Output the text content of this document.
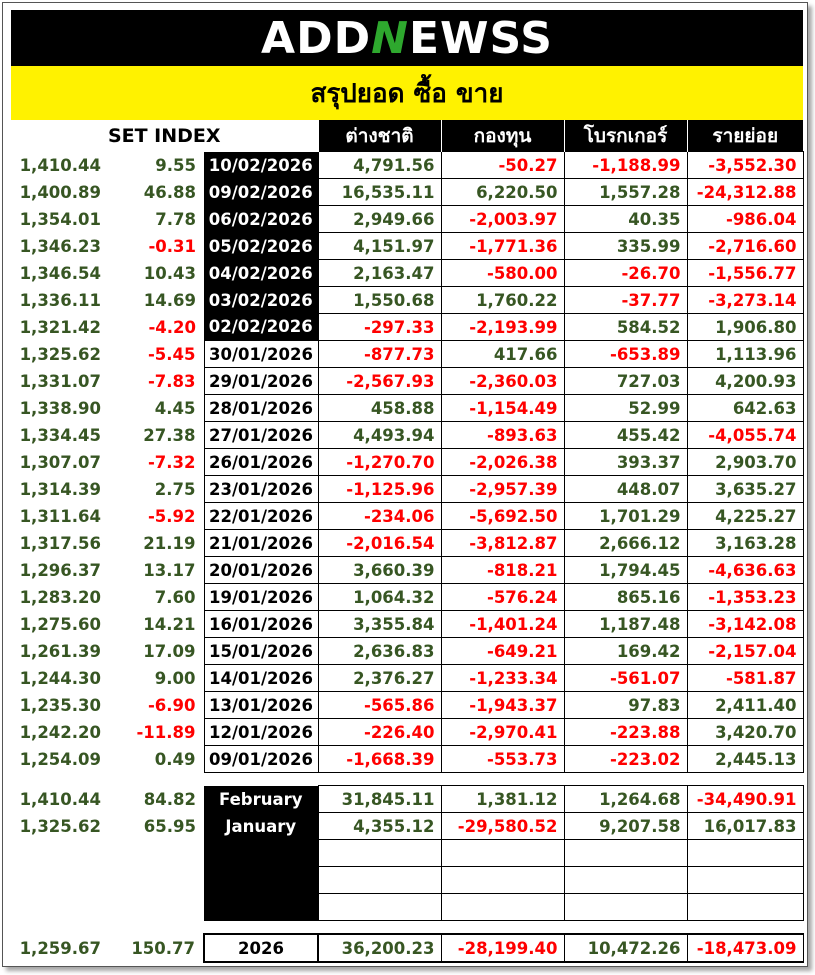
ADDNEWSS
สรุปยอด ซื้อ ขาย
SET INDEX			ต่างชาติ	กองทุน	โบรกเกอร์	รายย่อย
1,410.44	9.55	10/02/2026	4,791.56	-50.27	-1,188.99	-3,552.30
1,400.89	46.88	09/02/2026	16,535.11	6,220.50	1,557.28	-24,312.88
1,354.01	7.78	06/02/2026	2,949.66	-2,003.97	40.35	-986.04
1,346.23	-0.31	05/02/2026	4,151.97	-1,771.36	335.99	-2,716.60
1,346.54	10.43	04/02/2026	2,163.47	-580.00	-26.70	-1,556.77
1,336.11	14.69	03/02/2026	1,550.68	1,760.22	-37.77	-3,273.14
1,321.42	-4.20	02/02/2026	-297.33	-2,193.99	584.52	1,906.80
1,325.62	-5.45	30/01/2026	-877.73	417.66	-653.89	1,113.96
1,331.07	-7.83	29/01/2026	-2,567.93	-2,360.03	727.03	4,200.93
1,338.90	4.45	28/01/2026	458.88	-1,154.49	52.99	642.63
1,334.45	27.38	27/01/2026	4,493.94	-893.63	455.42	-4,055.74
1,307.07	-7.32	26/01/2026	-1,270.70	-2,026.38	393.37	2,903.70
1,314.39	2.75	23/01/2026	-1,125.96	-2,957.39	448.07	3,635.27
1,311.64	-5.92	22/01/2026	-234.06	-5,692.50	1,701.29	4,225.27
1,317.56	21.19	21/01/2026	-2,016.54	-3,812.87	2,666.12	3,163.28
1,296.37	13.17	20/01/2026	3,660.39	-818.21	1,794.45	-4,636.63
1,283.20	7.60	19/01/2026	1,064.32	-576.24	865.16	-1,353.23
1,275.60	14.21	16/01/2026	3,355.84	-1,401.24	1,187.48	-3,142.08
1,261.39	17.09	15/01/2026	2,636.83	-649.21	169.42	-2,157.04
1,244.30	9.00	14/01/2026	2,376.27	-1,233.34	-561.07	-581.87
1,235.30	-6.90	13/01/2026	-565.86	-1,943.37	97.83	2,411.40
1,242.20	-11.89	12/01/2026	-226.40	-2,970.41	-223.88	3,420.70
1,254.09	0.49	09/01/2026	-1,668.39	-553.73	-223.02	2,445.13

1,410.44	84.82	February	31,845.11	1,381.12	1,264.68	-34,490.91
1,325.62	65.95	January	4,355.12	-29,580.52	9,207.58	16,017.83

1,259.67	150.77	2026	36,200.23	-28,199.40	10,472.26	-18,473.09
